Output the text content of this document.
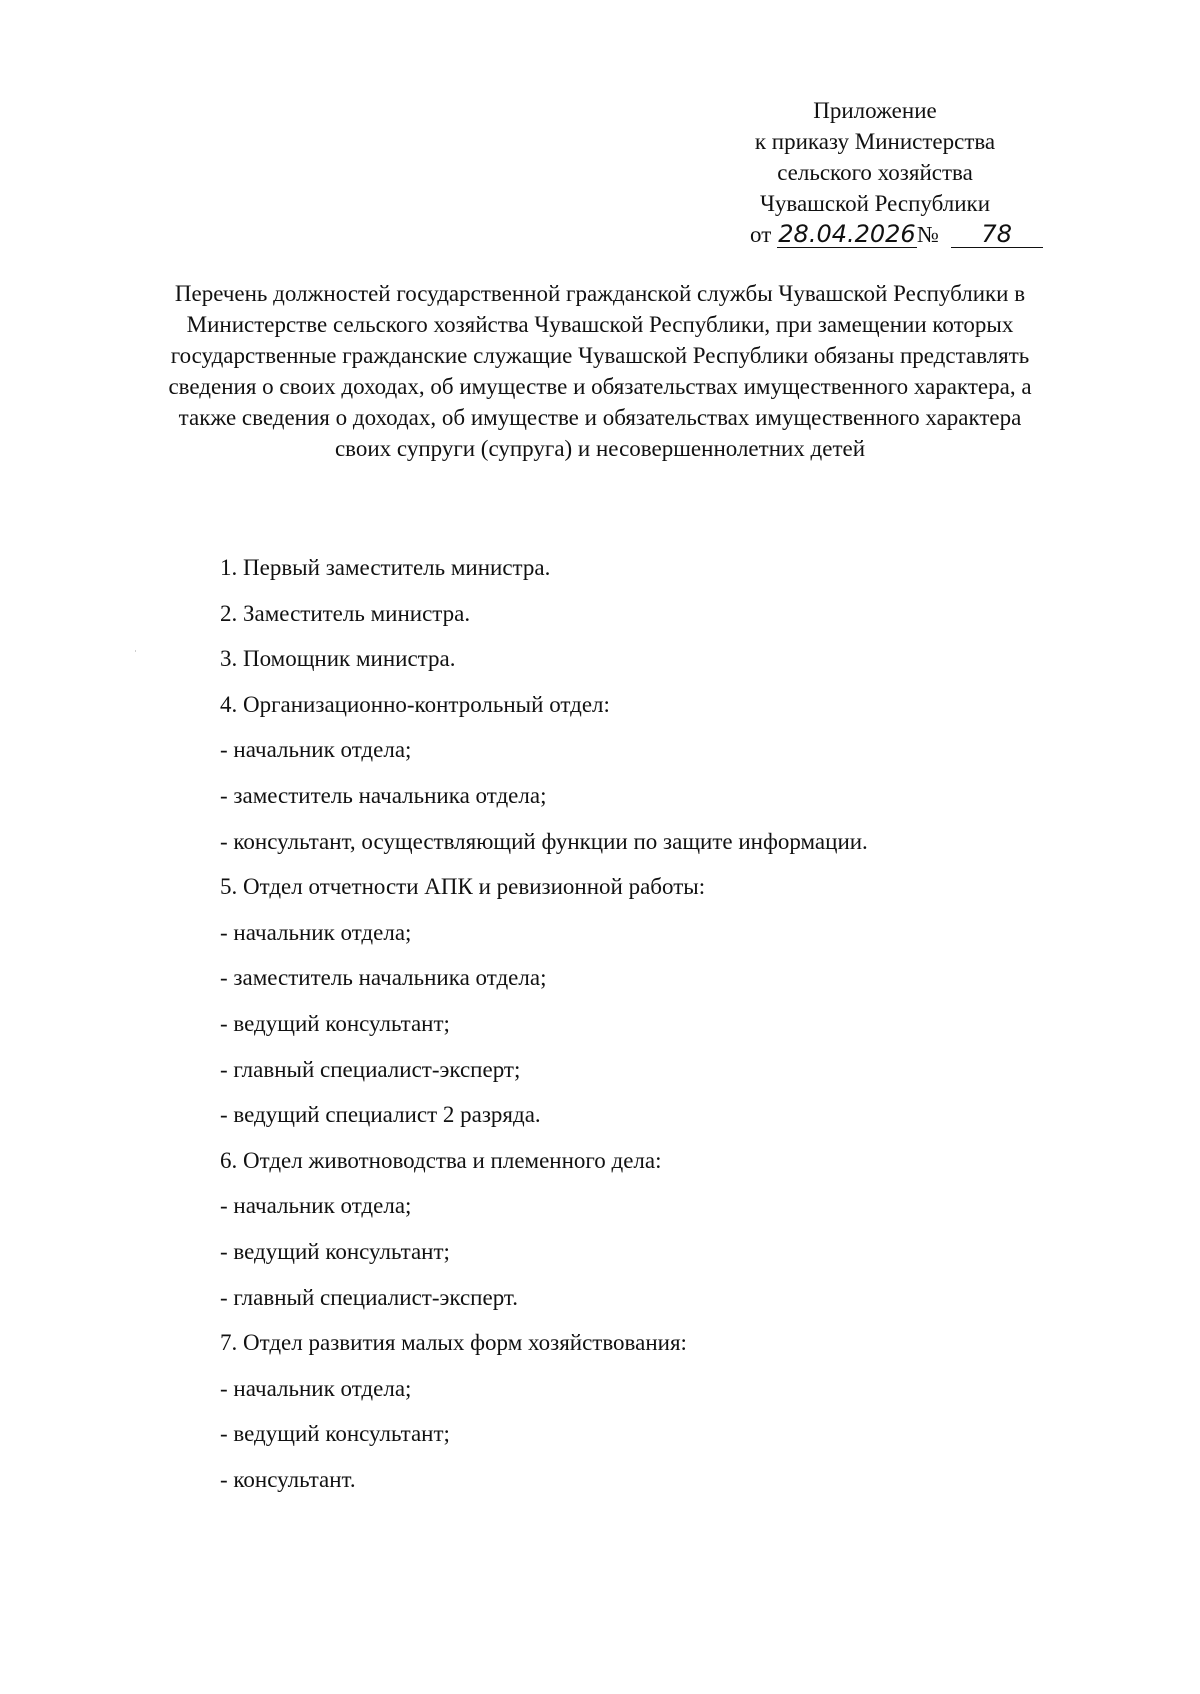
Приложение
к приказу Министерства
сельского хозяйства
Чувашской Республики
от 28.04.2026№ 78
Перечень должностей государственной гражданской службы Чувашской Республики в Министерстве сельского хозяйства Чувашской Республики, при замещении которых государственные гражданские служащие Чувашской Республики обязаны представлять сведения о своих доходах, об имуществе и обязательствах имущественного характера, а также сведения о доходах, об имуществе и обязательствах имущественного характера своих супруги (супруга) и несовершеннолетних детей
1. Первый заместитель министра.
2. Заместитель министра.
3. Помощник министра.
4. Организационно-контрольный отдел:
- начальник отдела;
- заместитель начальника отдела;
- консультант, осуществляющий функции по защите информации.
5. Отдел отчетности АПК и ревизионной работы:
- начальник отдела;
- заместитель начальника отдела;
- ведущий консультант;
- главный специалист-эксперт;
- ведущий специалист 2 разряда.
6. Отдел животноводства и племенного дела:
- начальник отдела;
- ведущий консультант;
- главный специалист-эксперт.
7. Отдел развития малых форм хозяйствования:
- начальник отдела;
- ведущий консультант;
- консультант.
